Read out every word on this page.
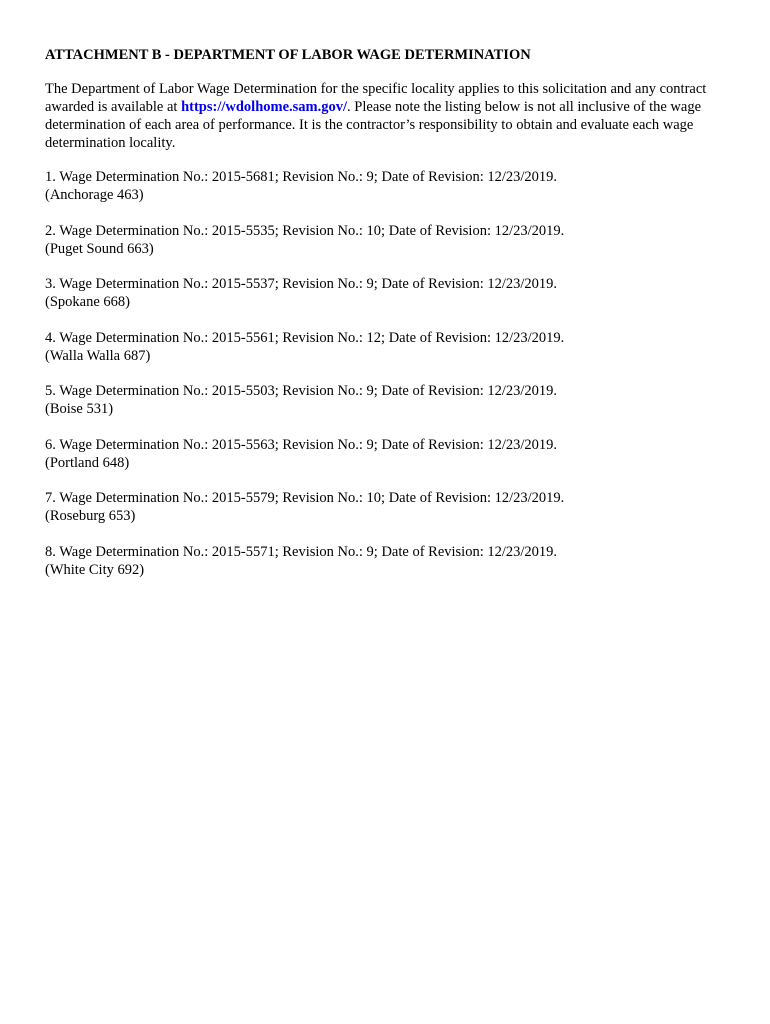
ATTACHMENT B - DEPARTMENT OF LABOR WAGE DETERMINATION
The Department of Labor Wage Determination for the specific locality applies to this solicitation and any contract awarded is available at https://wdolhome.sam.gov/. Please note the listing below is not all inclusive of the wage determination of each area of performance. It is the contractor’s responsibility to obtain and evaluate each wage determination locality.
1. Wage Determination No.: 2015-5681; Revision No.: 9; Date of Revision: 12/23/2019.
(Anchorage 463)
2. Wage Determination No.: 2015-5535; Revision No.: 10; Date of Revision: 12/23/2019.
(Puget Sound 663)
3. Wage Determination No.: 2015-5537; Revision No.: 9; Date of Revision: 12/23/2019.
(Spokane 668)
4. Wage Determination No.: 2015-5561; Revision No.: 12; Date of Revision: 12/23/2019.
(Walla Walla 687)
5. Wage Determination No.: 2015-5503; Revision No.: 9; Date of Revision: 12/23/2019.
(Boise 531)
6. Wage Determination No.: 2015-5563; Revision No.: 9; Date of Revision: 12/23/2019.
(Portland 648)
7. Wage Determination No.: 2015-5579; Revision No.: 10; Date of Revision: 12/23/2019.
(Roseburg 653)
8. Wage Determination No.: 2015-5571; Revision No.: 9; Date of Revision: 12/23/2019.
(White City 692)
